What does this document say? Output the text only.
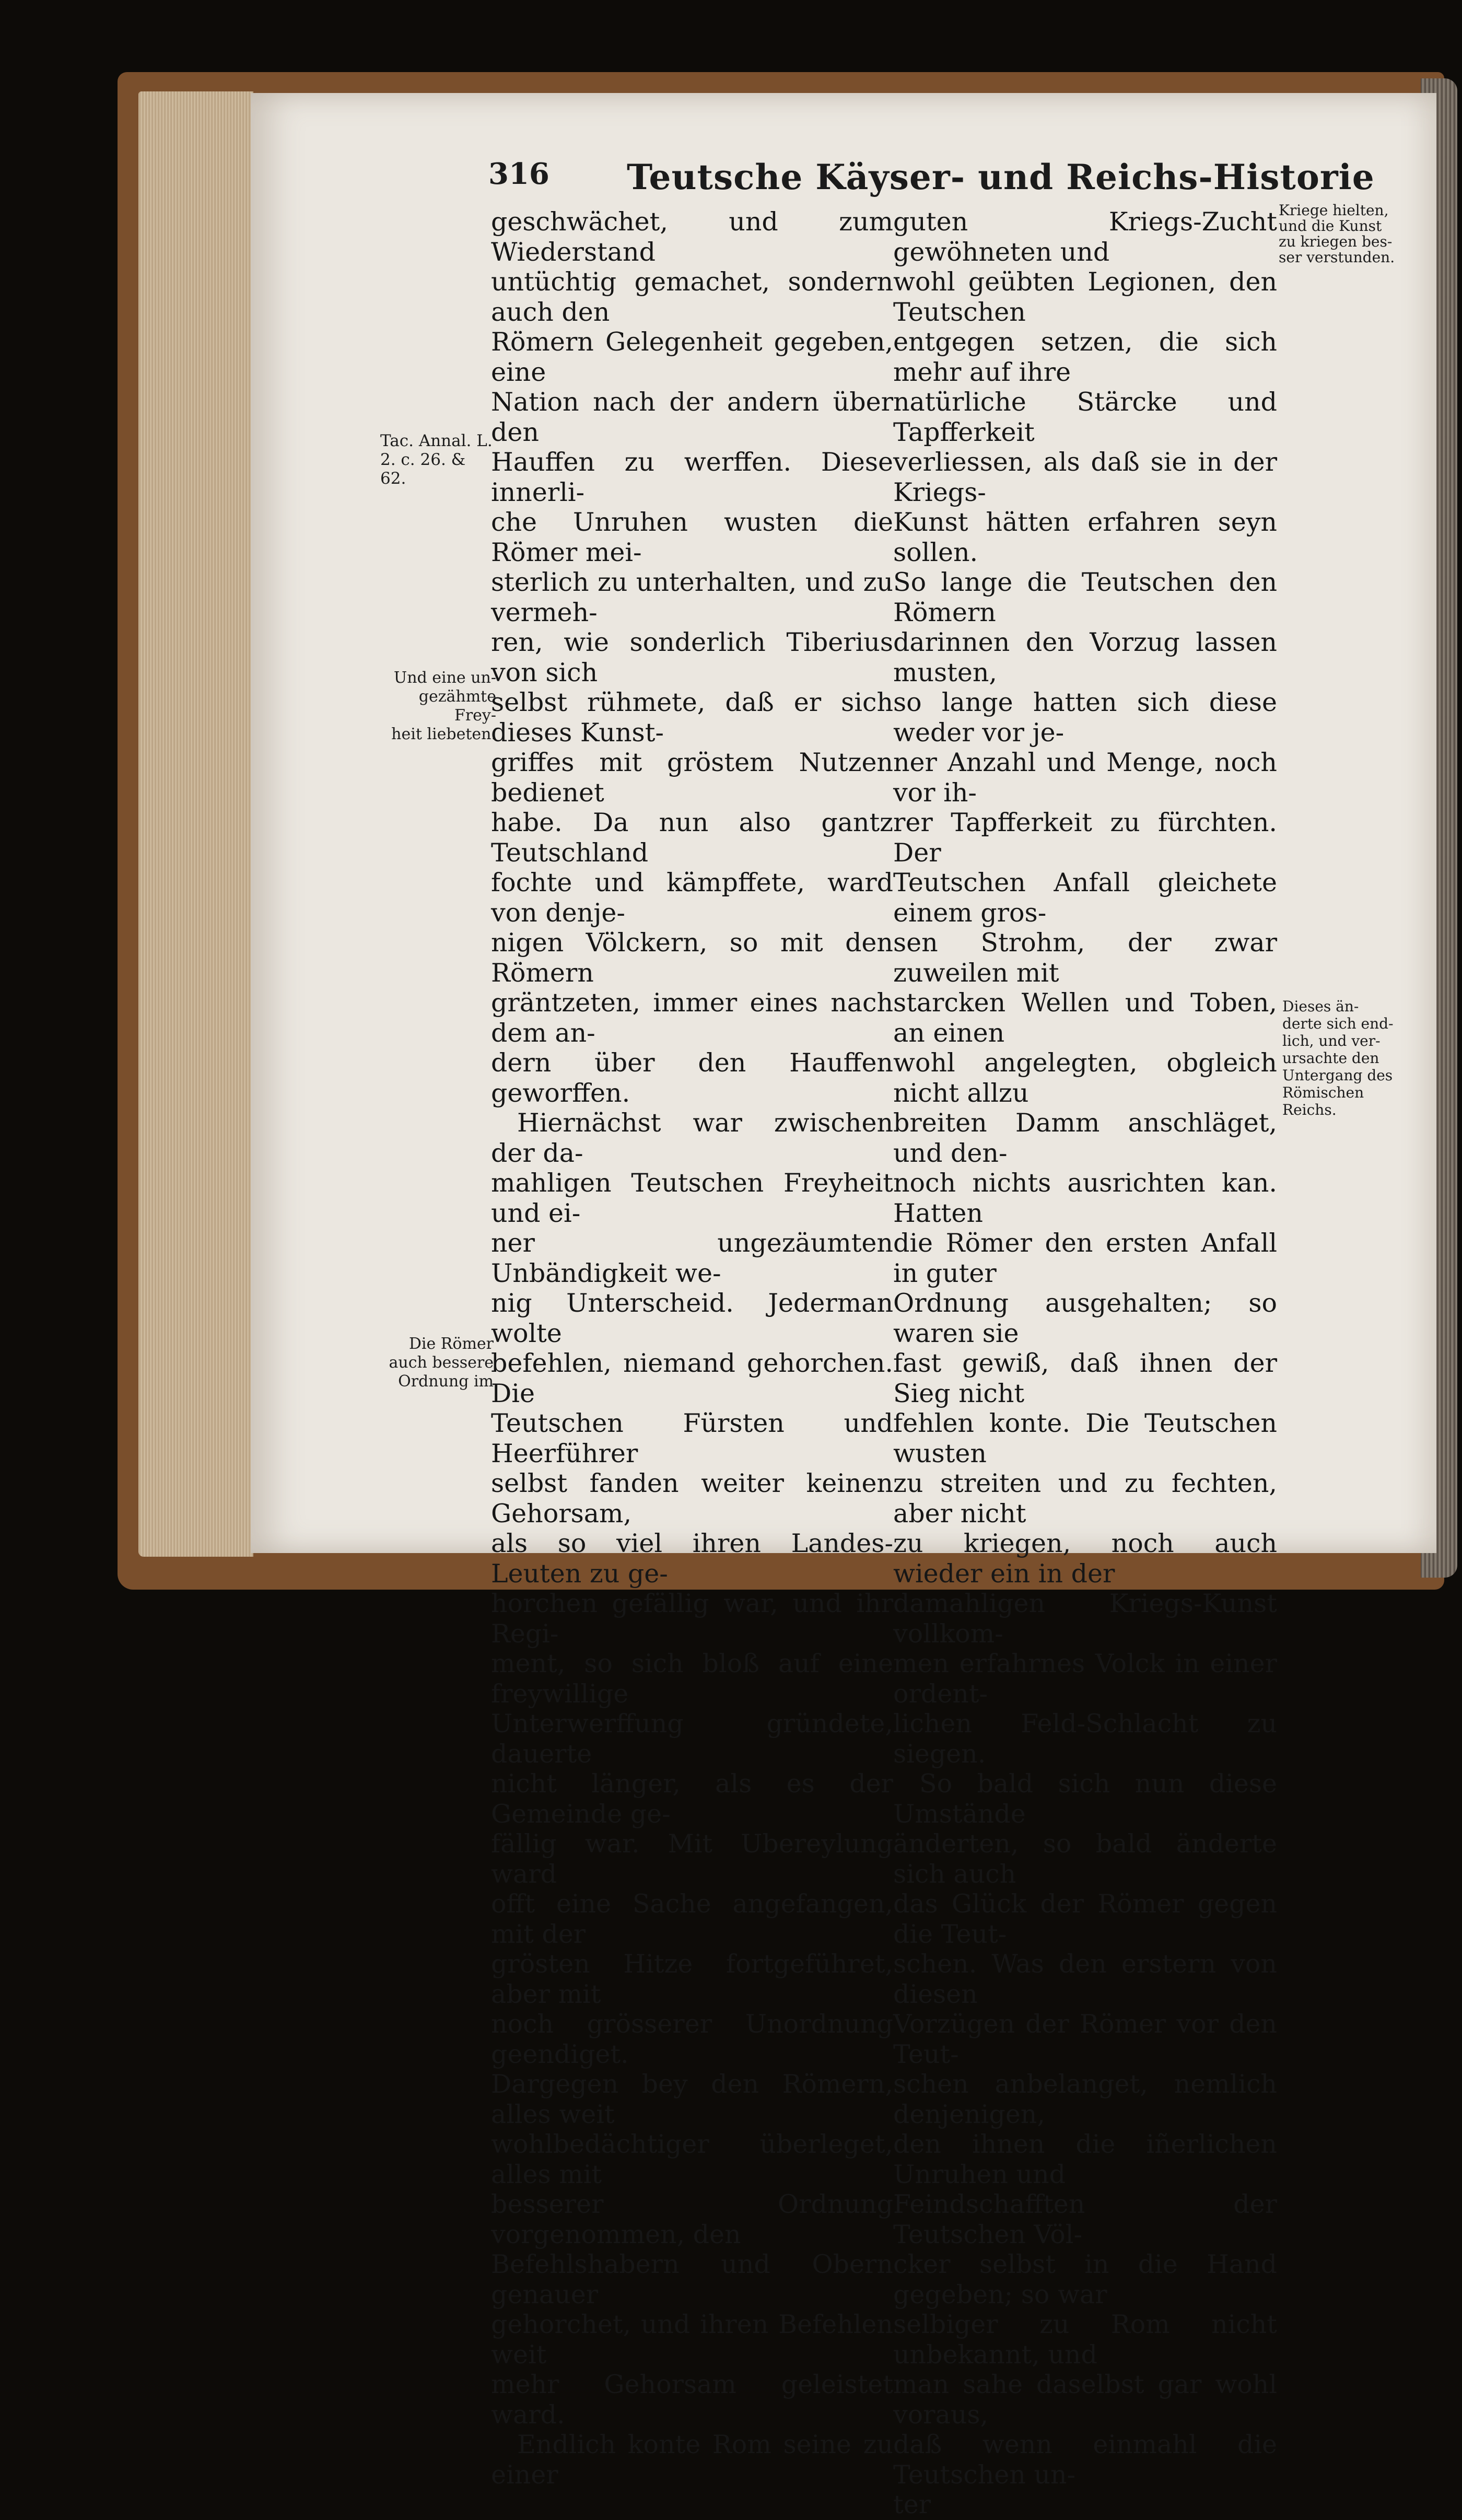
316 Teutsche Käyser- und Reichs-Historie
Tac. Annal. L.
2. c. 26. & 62.
Und eine un-
gezähmte Frey-
heit liebeten.
Die Römer
auch bessere
Ordnung im
Kriege hielten,
und die Kunst
zu kriegen bes-
ser verstunden.
Dieses än-
derte sich end-
lich, und ver-
ursachte den
Untergang des
Römischen
Reichs.

geschwächet, und zum Wiederstand

untüchtig gemachet, sondern auch den

Römern Gelegenheit gegeben, eine

Nation nach der andern über den

Hauffen zu werffen. Diese innerli-

che Unruhen wusten die Römer mei-

sterlich zu unterhalten, und zu vermeh-

ren, wie sonderlich Tiberius von sich

selbst rühmete, daß er sich dieses Kunst-

griffes mit gröstem Nutzen bedienet

habe. Da nun also gantz Teutschland

fochte und kämpffete, ward von denje-

nigen Völckern, so mit den Römern

gräntzeten, immer eines nach dem an-

dern über den Hauffen geworffen.

Hiernächst war zwischen der da-

mahligen Teutschen Freyheit und ei-

ner ungezäumten Unbändigkeit we-

nig Unterscheid. Jederman wolte

befehlen, niemand gehorchen. Die

Teutschen Fürsten und Heerführer

selbst fanden weiter keinen Gehorsam,

als so viel ihren Landes-Leuten zu ge-

horchen gefällig war, und ihr Regi-

ment, so sich bloß auf eine freywillige

Unterwerffung gründete, dauerte

nicht länger, als es der Gemeinde ge-

fällig war. Mit Ubereylung ward

offt eine Sache angefangen, mit der

grösten Hitze fortgeführet, aber mit

noch grösserer Unordnung geendiget.

Dargegen bey den Römern, alles weit

wohlbedächtiger überleget, alles mit

besserer Ordnung vorgenommen, den

Befehlshabern und Obern genauer

gehorchet, und ihren Befehlen weit

mehr Gehorsam geleistet ward.

Endlich konte Rom seine zu einer

guten Kriegs-Zucht gewöhneten und

wohl geübten Legionen, den Teutschen

entgegen setzen, die sich mehr auf ihre

natürliche Stärcke und Tapfferkeit

verliessen, als daß sie in der Kriegs-

Kunst hätten erfahren seyn sollen.

So lange die Teutschen den Römern

darinnen den Vorzug lassen musten,

so lange hatten sich diese weder vor je-

ner Anzahl und Menge, noch vor ih-

rer Tapfferkeit zu fürchten. Der

Teutschen Anfall gleichete einem gros-

sen Strohm, der zwar zuweilen mit

starcken Wellen und Toben, an einen

wohl angelegten, obgleich nicht allzu

breiten Damm anschläget, und den-

noch nichts ausrichten kan. Hatten

die Römer den ersten Anfall in guter

Ordnung ausgehalten; so waren sie

fast gewiß, daß ihnen der Sieg nicht

fehlen konte. Die Teutschen wusten

zu streiten und zu fechten, aber nicht

zu kriegen, noch auch wieder ein in der

damahligen Kriegs-Kunst vollkom-

men erfahrnes Volck in einer ordent-

lichen Feld-Schlacht zu siegen.

So bald sich nun diese Umstände

änderten, so bald änderte sich auch

das Glück der Römer gegen die Teut-

schen. Was den erstern von diesen

Vorzügen der Römer vor den Teut-

schen anbelanget, nemlich denjenigen,

den ihnen die iñerlichen Unruhen und

Feindschafften der Teutschen Völ-

cker selbst in die Hand gegeben; so war

selbiger zu Rom nicht unbekannt, und

man sahe daselbst gar wohl voraus,

daß wenn einmahl die Teutschen un-

ter
